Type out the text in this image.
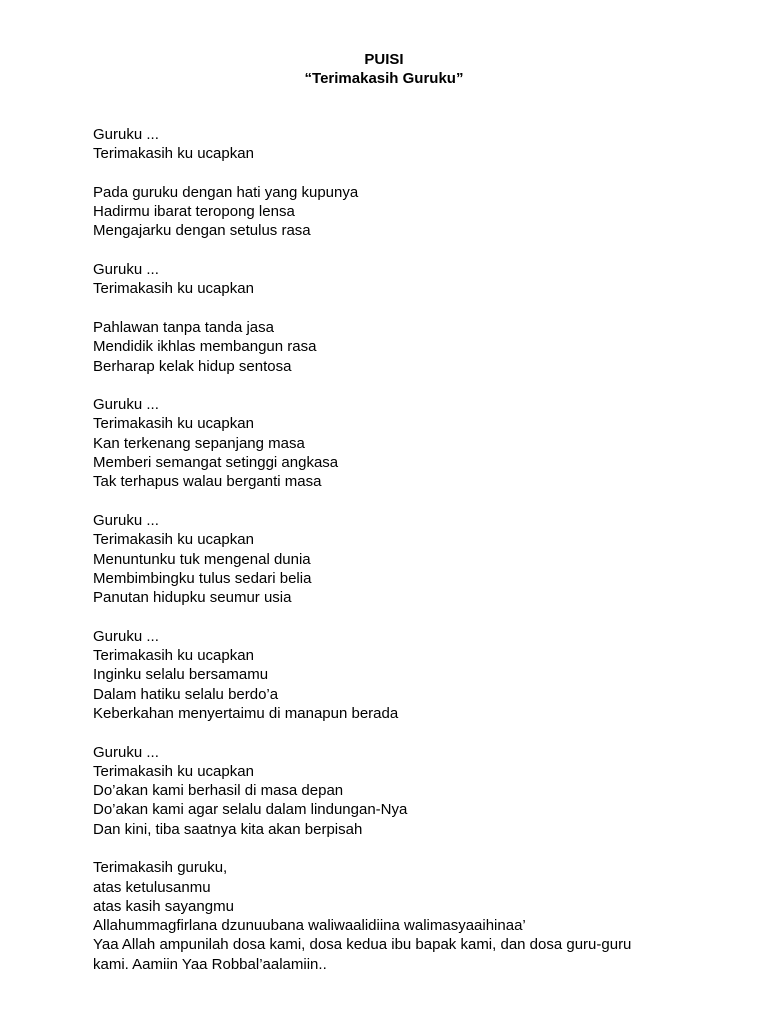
PUISI
“Terimakasih Guruku”
Guruku ...
Terimakasih ku ucapkan
Pada guruku dengan hati yang kupunya
Hadirmu ibarat teropong lensa
Mengajarku dengan setulus rasa
Guruku ...
Terimakasih ku ucapkan
Pahlawan tanpa tanda jasa
Mendidik ikhlas membangun rasa
Berharap kelak hidup sentosa
Guruku ...
Terimakasih ku ucapkan
Kan terkenang sepanjang masa
Memberi semangat setinggi angkasa
Tak terhapus walau berganti masa
Guruku ...
Terimakasih ku ucapkan
Menuntunku tuk mengenal dunia
Membimbingku tulus sedari belia
Panutan hidupku seumur usia
Guruku ...
Terimakasih ku ucapkan
Inginku selalu bersamamu
Dalam hatiku selalu berdo’a
Keberkahan menyertaimu di manapun berada
Guruku ...
Terimakasih ku ucapkan
Do’akan kami berhasil di masa depan
Do’akan kami agar selalu dalam lindungan-Nya
Dan kini, tiba saatnya kita akan berpisah
Terimakasih guruku,
atas ketulusanmu
atas kasih sayangmu
Allahummagfirlana dzunuubana waliwaalidiina walimasyaaihinaa’
Yaa Allah ampunilah dosa kami, dosa kedua ibu bapak kami, dan dosa guru-guru kami. Aamiin Yaa Robbal’aalamiin..
